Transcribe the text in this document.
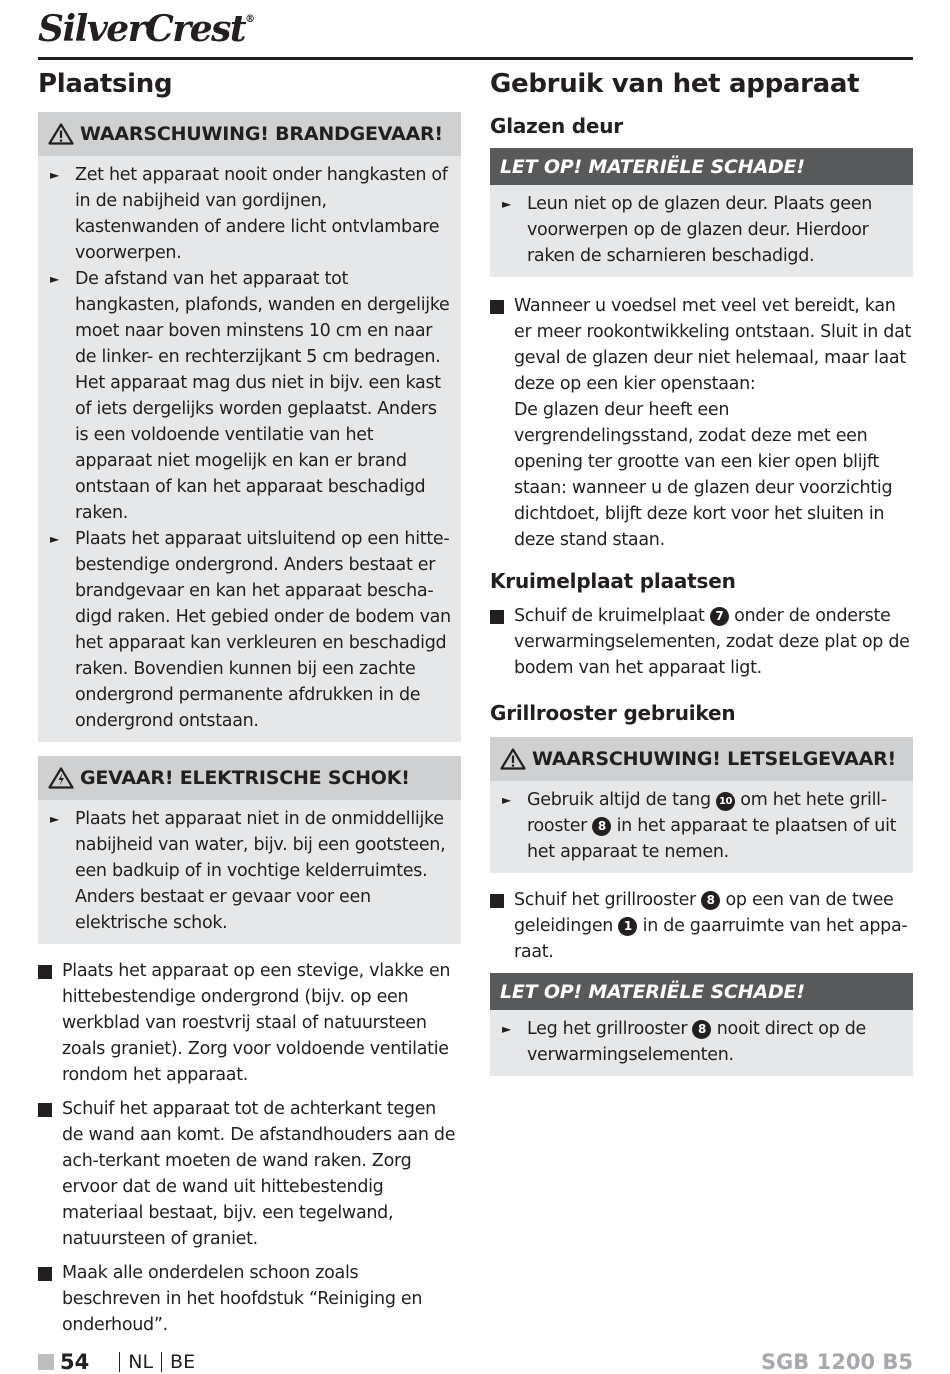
SilverCrest®
Plaatsing
WAARSCHUWING! BRANDGEVAAR!
► Zet het apparaat nooit onder hangkasten of in de nabijheid van gordijnen, kastenwanden of andere licht ontvlambare voorwerpen.
► De afstand van het apparaat tot hangkasten, plafonds, wanden en dergelijke moet naar boven minstens 10 cm en naar de linker- en rechterzijkant 5 cm bedragen. Het apparaat mag dus niet in bijv. een kast of iets dergelijks worden geplaatst. Anders is een voldoende ventilatie van het apparaat niet mogelijk en kan er brand ontstaan of kan het apparaat beschadigd raken.
► Plaats het apparaat uitsluitend op een hitte-bestendige ondergrond. Anders bestaat er brandgevaar en kan het apparaat bescha-digd raken. Het gebied onder de bodem van het apparaat kan verkleuren en beschadigd raken. Bovendien kunnen bij een zachte ondergrond permanente afdrukken in de ondergrond ontstaan.
GEVAAR! ELEKTRISCHE SCHOK!
► Plaats het apparaat niet in de onmiddellijke nabijheid van water, bijv. bij een gootsteen, een badkuip of in vochtige kelderruimtes. Anders bestaat er gevaar voor een elektrische schok.
Plaats het apparaat op een stevige, vlakke en hittebestendige ondergrond (bijv. op een werkblad van roestvrij staal of natuursteen zoals graniet). Zorg voor voldoende ventilatie rondom het apparaat.
Schuif het apparaat tot de achterkant tegen de wand aan komt. De afstandhouders aan de ach-terkant moeten de wand raken. Zorg ervoor dat de wand uit hittebestendig materiaal bestaat, bijv. een tegelwand, natuursteen of graniet.
Maak alle onderdelen schoon zoals beschreven in het hoofdstuk “Reiniging en onderhoud”.
Gebruik van het apparaat
Glazen deur
LET OP! MATERIËLE SCHADE!
► Leun niet op de glazen deur. Plaats geen voorwerpen op de glazen deur. Hierdoor raken de scharnieren beschadigd.
Wanneer u voedsel met veel vet bereidt, kan er meer rookontwikkeling ontstaan. Sluit in dat geval de glazen deur niet helemaal, maar laat deze op een kier openstaan:
De glazen deur heeft een vergrendelingsstand, zodat deze met een opening ter grootte van een kier open blijft staan: wanneer u de glazen deur voorzichtig dichtdoet, blijft deze kort voor het sluiten in deze stand staan.
Kruimelplaat plaatsen
Schuif de kruimelplaat 7 onder de onderste verwarmingselementen, zodat deze plat op de bodem van het apparaat ligt.
Grillrooster gebruiken
WAARSCHUWING! LETSELGEVAAR!
► Gebruik altijd de tang 10 om het hete grill-rooster 8 in het apparaat te plaatsen of uit het apparaat te nemen.
Schuif het grillrooster 8 op een van de twee geleidingen 1 in de gaarruimte van het appa-raat.
LET OP! MATERIËLE SCHADE!
► Leg het grillrooster 8 nooit direct op de verwarmingselementen.
54 NL BE	SGB 1200 B5
